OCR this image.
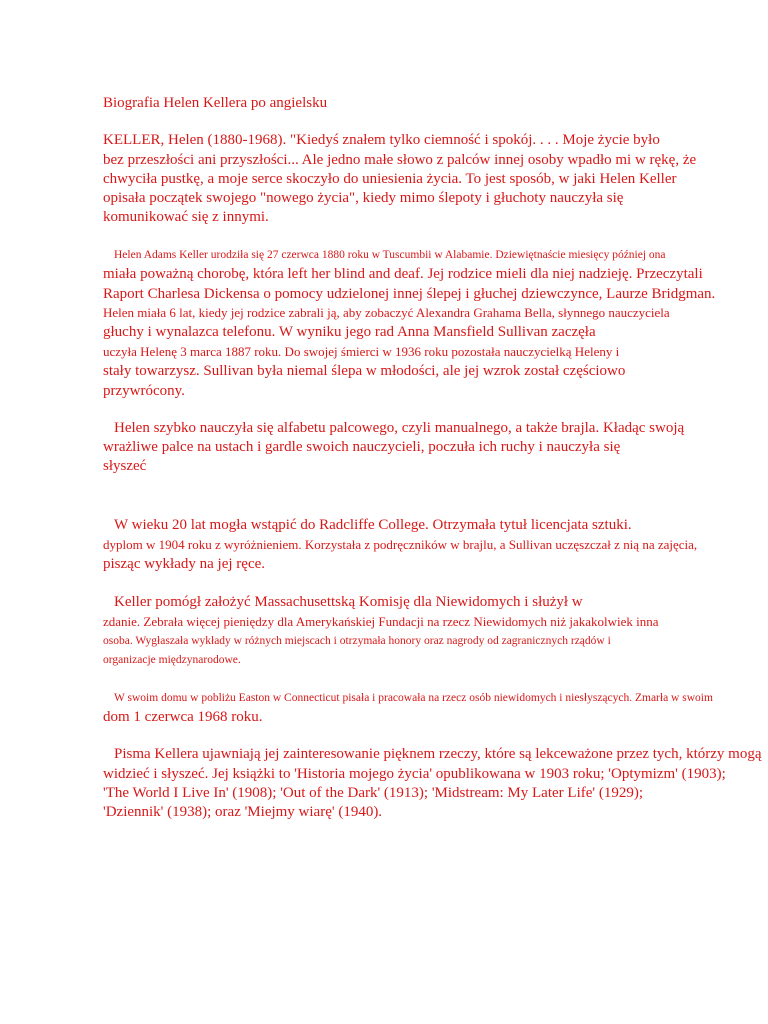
Biografia Helen Kellera po angielsku
KELLER, Helen (1880-1968). "Kiedyś znałem tylko ciemność i spokój. . . . Moje życie było
bez przeszłości ani przyszłości... Ale jedno małe słowo z palców innej osoby wpadło mi w rękę, że
chwyciła pustkę, a moje serce skoczyło do uniesienia życia. To jest sposób, w jaki Helen Keller
opisała początek swojego "nowego życia", kiedy mimo ślepoty i głuchoty nauczyła się
komunikować się z innymi.
Helen Adams Keller urodziła się 27 czerwca 1880 roku w Tuscumbii w Alabamie. Dziewiętnaście miesięcy później ona
miała poważną chorobę, która left her blind and deaf. Jej rodzice mieli dla niej nadzieję. Przeczytali
Raport Charlesa Dickensa o pomocy udzielonej innej ślepej i głuchej dziewczynce, Laurze Bridgman.
Helen miała 6 lat, kiedy jej rodzice zabrali ją, aby zobaczyć Alexandra Grahama Bella, słynnego nauczyciela
głuchy i wynalazca telefonu. W wyniku jego rad Anna Mansfield Sullivan zaczęła
uczyła Helenę 3 marca 1887 roku. Do swojej śmierci w 1936 roku pozostała nauczycielką Heleny i
stały towarzysz. Sullivan była niemal ślepa w młodości, ale jej wzrok został częściowo
przywrócony.
Helen szybko nauczyła się alfabetu palcowego, czyli manualnego, a także brajla. Kładąc swoją
wrażliwe palce na ustach i gardle swoich nauczycieli, poczuła ich ruchy i nauczyła się
słyszeć
W wieku 20 lat mogła wstąpić do Radcliffe College. Otrzymała tytuł licencjata sztuki.
dyplom w 1904 roku z wyróżnieniem. Korzystała z podręczników w brajlu, a Sullivan uczęszczał z nią na zajęcia,
pisząc wykłady na jej ręce.
Keller pomógł założyć Massachusettską Komisję dla Niewidomych i służył w
zdanie. Zebrała więcej pieniędzy dla Amerykańskiej Fundacji na rzecz Niewidomych niż jakakolwiek inna
osoba. Wygłaszała wykłady w różnych miejscach i otrzymała honory oraz nagrody od zagranicznych rządów i
organizacje międzynarodowe.
W swoim domu w pobliżu Easton w Connecticut pisała i pracowała na rzecz osób niewidomych i niesłyszących. Zmarła w swoim
dom 1 czerwca 1968 roku.
Pisma Kellera ujawniają jej zainteresowanie pięknem rzeczy, które są lekceważone przez tych, którzy mogą
widzieć i słyszeć. Jej książki to 'Historia mojego życia' opublikowana w 1903 roku; 'Optymizm' (1903);
'The World I Live In' (1908); 'Out of the Dark' (1913); 'Midstream: My Later Life' (1929);
'Dziennik' (1938); oraz 'Miejmy wiarę' (1940).
